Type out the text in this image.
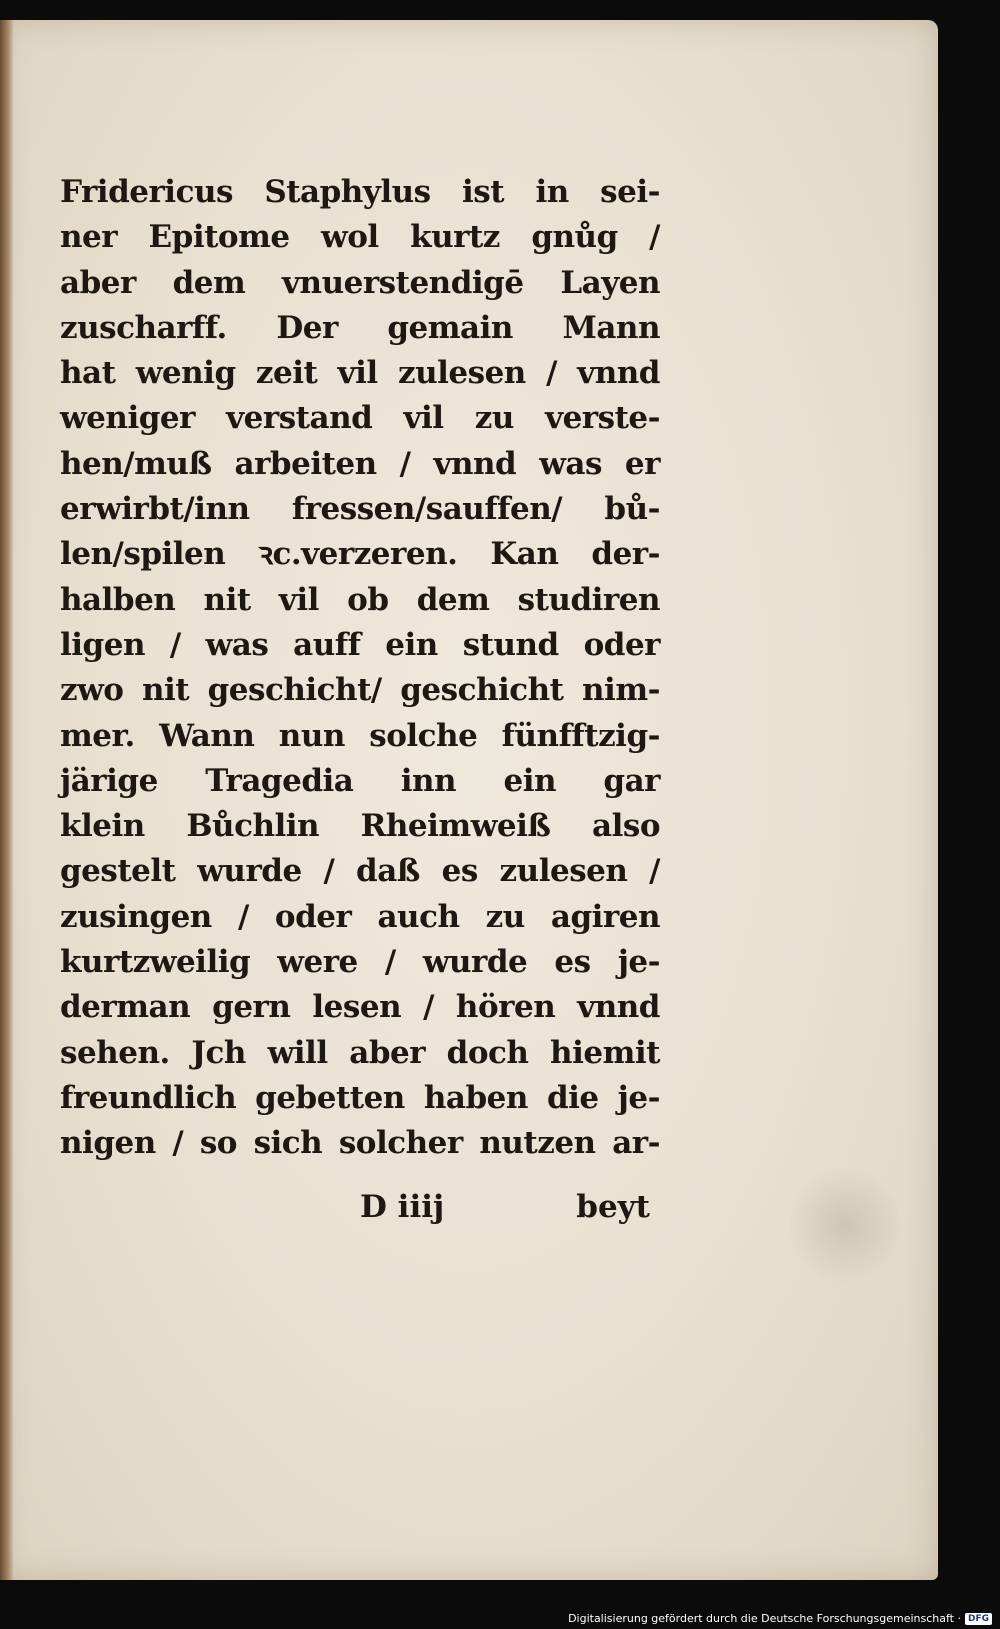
Fridericus Staphylus ist in sei-
ner Epitome wol kurtz gnůg /
aber dem vnuerstendigē Layen
zuscharff. Der gemain Mann
hat wenig zeit vil zulesen / vnnd
weniger verstand vil zu verste-
hen/muß arbeiten / vnnd was er
erwirbt/inn fressen/sauffen/ bů-
len/spilen ꝛc.verzeren. Kan der-
halben nit vil ob dem studiren
ligen / was auff ein stund oder
zwo nit geschicht/ geschicht nim-
mer. Wann nun solche fünfftzig-
järige Tragedia inn ein gar
klein Bůchlin Rheimweiß also
gestelt wurde / daß es zulesen /
zusingen / oder auch zu agiren
kurtzweilig were / wurde es je-
derman gern lesen / hören vnnd
sehen. Jch will aber doch hiemit
freundlich gebetten haben die je-
nigen / so sich solcher nutzen ar-
D iiij	beyt
Digitalisierung gefördert durch die Deutsche Forschungsgemeinschaft · DFG
